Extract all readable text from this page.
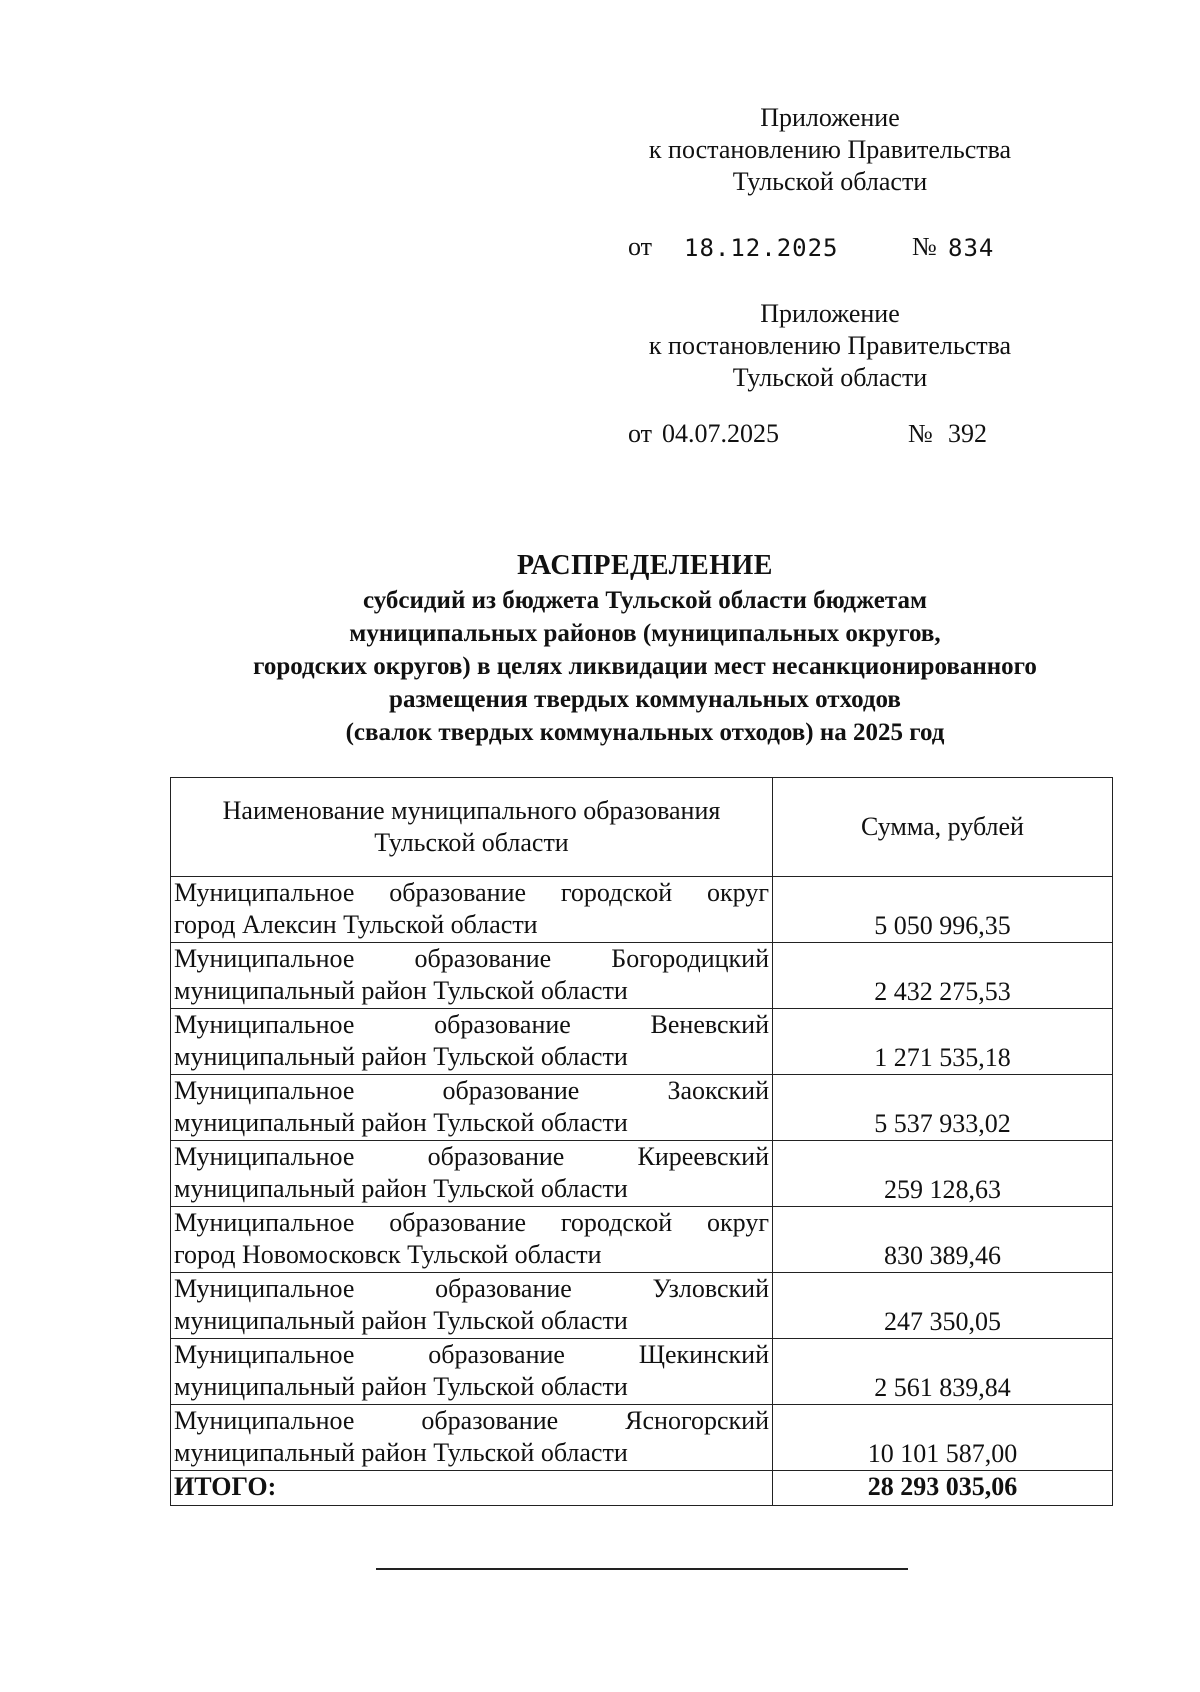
Приложение
к постановлению Правительства
Тульской области
от 18.12.2025	№ 834
Приложение
к постановлению Правительства
Тульской области
от 04.07.2025	№ 392
РАСПРЕДЕЛЕНИЕ
субсидий из бюджета Тульской области бюджетам
муниципальных районов (муниципальных округов,
городских округов) в целях ликвидации мест несанкционированного
размещения твердых коммунальных отходов
(свалок твердых коммунальных отходов) на 2025 год
Наименование муниципального образования
Тульской области	Сумма, рублей

Муниципальное образование городской округ
город Алексин Тульской области	5 050 996,35

Муниципальное образование Богородицкий
муниципальный район Тульской области	2 432 275,53

Муниципальное образование Веневский
муниципальный район Тульской области	1 271 535,18

Муниципальное образование Заокский
муниципальный район Тульской области	5 537 933,02

Муниципальное образование Киреевский
муниципальный район Тульской области	259 128,63

Муниципальное образование городской округ
город Новомосковск Тульской области	830 389,46

Муниципальное образование Узловский
муниципальный район Тульской области	247 350,05

Муниципальное образование Щекинский
муниципальный район Тульской области	2 561 839,84

Муниципальное образование Ясногорский
муниципальный район Тульской области	10 101 587,00
ИТОГО:	28 293 035,06
